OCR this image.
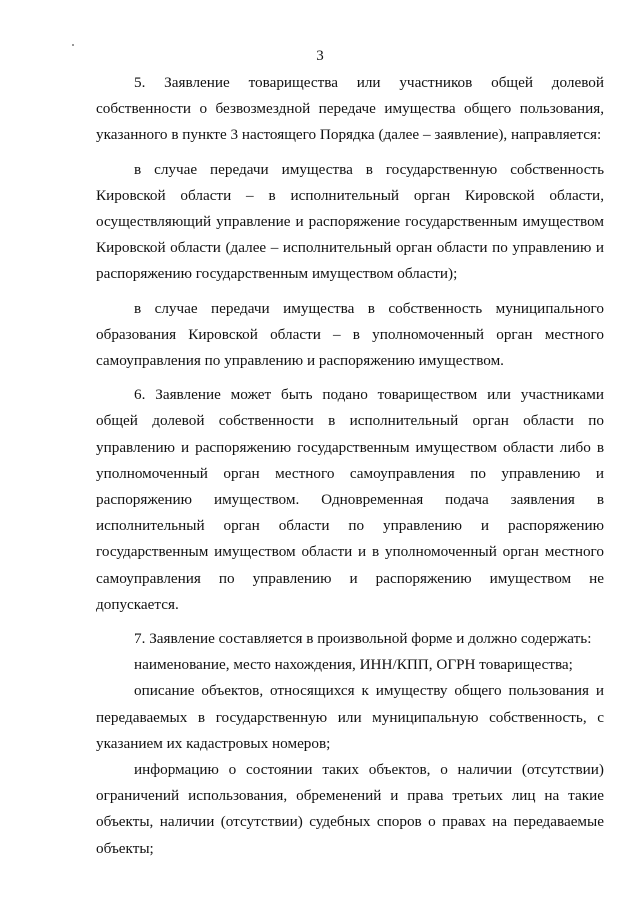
3

5. Заявление товарищества или участников общей долевой собственности о безвозмездной передаче имущества общего пользования, указанного в пункте 3 настоящего Порядка (далее – заявление), направляется:

в случае передачи имущества в государственную собственность Кировской области – в исполнительный орган Кировской области, осуществляющий управление и распоряжение государственным имуществом Кировской области (далее – исполнительный орган области по управлению и распоряжению государственным имуществом области);

в случае передачи имущества в собственность муниципального образования Кировской области – в уполномоченный орган местного самоуправления по управлению и распоряжению имуществом.

6. Заявление может быть подано товариществом или участниками общей долевой собственности в исполнительный орган области по управлению и распоряжению государственным имуществом области либо в уполномоченный орган местного самоуправления по управлению и распоряжению имуществом. Одновременная подача заявления в исполнительный орган области по управлению и распоряжению государственным имуществом области и в уполномоченный орган местного самоуправления по управлению и распоряжению имуществом не допускается.

7. Заявление составляется в произвольной форме и должно содержать:

наименование, место нахождения, ИНН/КПП, ОГРН товарищества;

описание объектов, относящихся к имуществу общего пользования и передаваемых в государственную или муниципальную собственность, с указанием их кадастровых номеров;

информацию о состоянии таких объектов, о наличии (отсутствии) ограничений использования, обременений и права третьих лиц на такие объекты, наличии (отсутствии) судебных споров о правах на передаваемые объекты;
